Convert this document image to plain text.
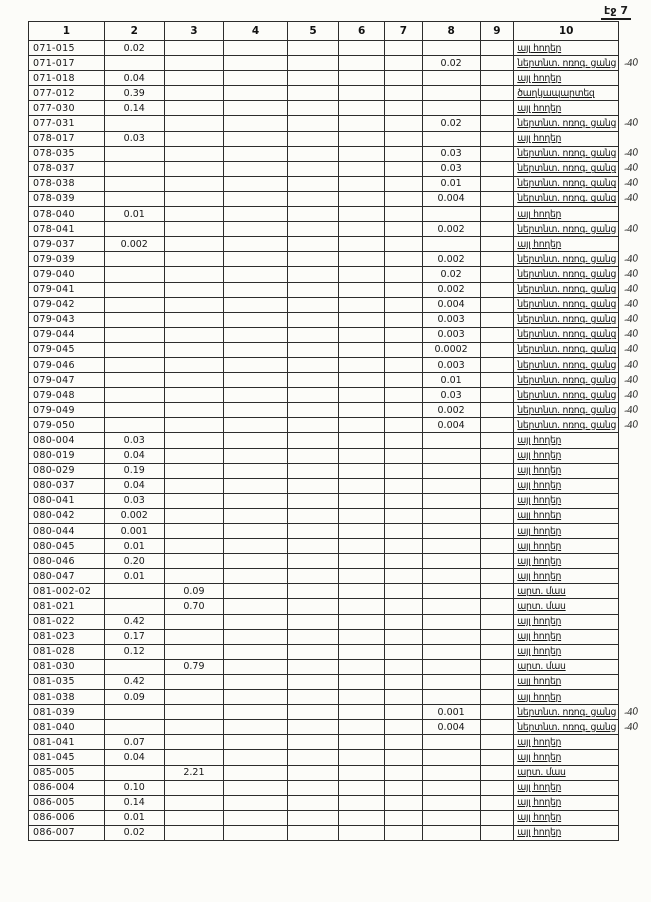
էջ 7
1	2	3	4	5	6	7	8	9	10	
071-015	0.02								այլ հողեր	
071-017							0.02		ներտնտ. ոռոգ. ցանց	-40
071-018	0.04								այլ հողեր	
077-012	0.39								ծաղկապարտեզ	
077-030	0.14								այլ հողեր	
077-031							0.02		ներտնտ. ոռոգ. ցանց	-40
078-017	0.03								այլ հողեր	
078-035							0.03		ներտնտ. ոռոգ. ցանց	-40
078-037							0.03		ներտնտ. ոռոգ. ցանց	-40
078-038							0.01		ներտնտ. ոռոգ. ցանց	-40
078-039							0.004		ներտնտ. ոռոգ. ցանց	-40
078-040	0.01								այլ հողեր	
078-041							0.002		ներտնտ. ոռոգ. ցանց	-40
079-037	0.002								այլ հողեր	
079-039							0.002		ներտնտ. ոռոգ. ցանց	-40
079-040							0.02		ներտնտ. ոռոգ. ցանց	-40
079-041							0.002		ներտնտ. ոռոգ. ցանց	-40
079-042							0.004		ներտնտ. ոռոգ. ցանց	-40
079-043							0.003		ներտնտ. ոռոգ. ցանց	-40
079-044							0.003		ներտնտ. ոռոգ. ցանց	-40
079-045							0.0002		ներտնտ. ոռոգ. ցանց	-40
079-046							0.003		ներտնտ. ոռոգ. ցանց	-40
079-047							0.01		ներտնտ. ոռոգ. ցանց	-40
079-048							0.03		ներտնտ. ոռոգ. ցանց	-40
079-049							0.002		ներտնտ. ոռոգ. ցանց	-40
079-050							0.004		ներտնտ. ոռոգ. ցանց	-40
080-004	0.03								այլ հողեր	
080-019	0.04								այլ հողեր	
080-029	0.19								այլ հողեր	
080-037	0.04								այլ հողեր	
080-041	0.03								այլ հողեր	
080-042	0.002								այլ հողեր	
080-044	0.001								այլ հողեր	
080-045	0.01								այլ հողեր	
080-046	0.20								այլ հողեր	
080-047	0.01								այլ հողեր	
081-002-02		0.09							արտ. մաս	
081-021		0.70							արտ. մաս	
081-022	0.42								այլ հողեր	
081-023	0.17								այլ հողեր	
081-028	0.12								այլ հողեր	
081-030		0.79							արտ. մաս	
081-035	0.42								այլ հողեր	
081-038	0.09								այլ հողեր	
081-039							0.001		ներտնտ. ոռոգ. ցանց	-40
081-040							0.004		ներտնտ. ոռոգ. ցանց	-40
081-041	0.07								այլ հողեր	
081-045	0.04								այլ հողեր	
085-005		2.21							արտ. մաս	
086-004	0.10								այլ հողեր	
086-005	0.14								այլ հողեր	
086-006	0.01								այլ հողեր	
086-007	0.02								այլ հողեր	
